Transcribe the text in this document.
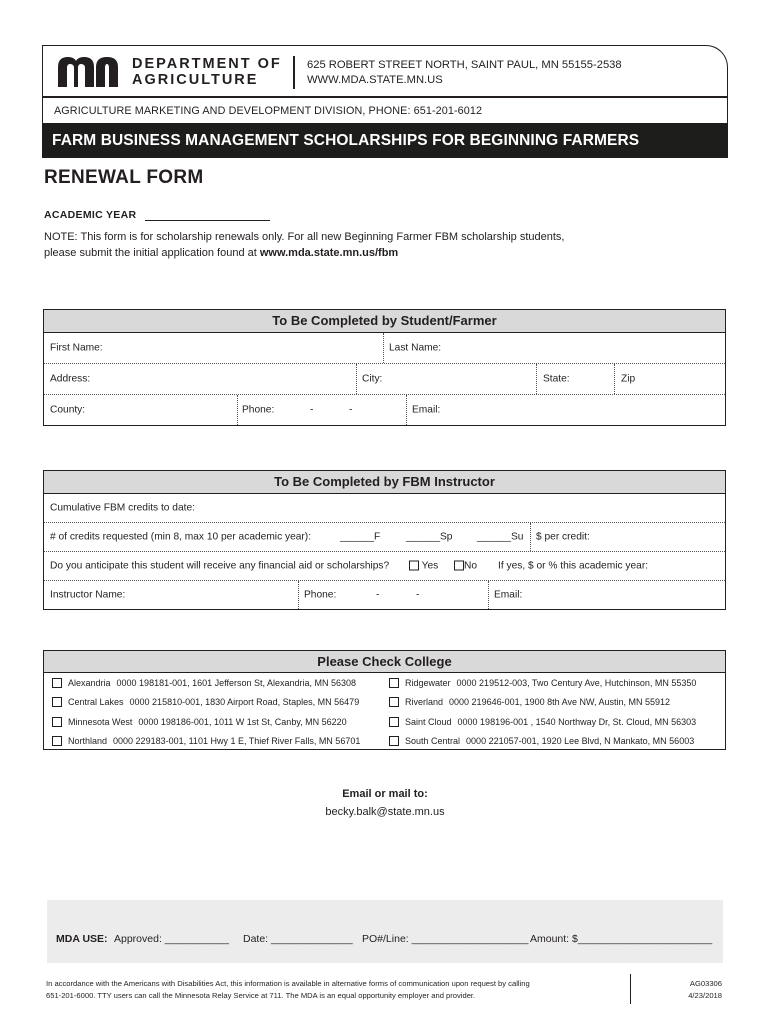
DEPARTMENT OF
AGRICULTURE
625 ROBERT STREET NORTH, SAINT PAUL, MN 55155-2538
WWW.MDA.STATE.MN.US
AGRICULTURE MARKETING AND DEVELOPMENT DIVISION, PHONE: 651-201-6012
FARM BUSINESS MANAGEMENT SCHOLARSHIPS FOR BEGINNING FARMERS
RENEWAL FORM
ACADEMIC YEAR
NOTE: This form is for scholarship renewals only. For all new Beginning Farmer FBM scholarship students,
please submit the initial application found at www.mda.state.mn.us/fbm
To Be Completed by Student/Farmer
First Name:	Last Name:
Address:	City:	State:	Zip
County:	Phone:	-	-	Email:
To Be Completed by FBM Instructor
Cumulative FBM credits to date:
# of credits requested (min 8, max 10 per academic year):	______F	______Sp ______Su $ per credit:
Do you anticipate this student will receive any financial aid or scholarships?	Yes	No If yes, $ or % this academic year:
Instructor Name:	Phone:	-	-	Email:
Please Check College
Alexandria 0000 198181-001, 1601 Jefferson St, Alexandria, MN 56308	Ridgewater 0000 219512-003, Two Century Ave, Hutchinson, MN 55350
Central Lakes 0000 215810-001, 1830 Airport Road, Staples, MN 56479	Riverland 0000 219646-001, 1900 8th Ave NW, Austin, MN 55912
Minnesota West 0000 198186-001, 1011 W 1st St, Canby, MN 56220	Saint Cloud 0000 198196-001 , 1540 Northway Dr, St. Cloud, MN 56303
Northland 0000 229183-001, 1101 Hwy 1 E, Thief River Falls, MN 56701	South Central 0000 221057-001, 1920 Lee Blvd, N Mankato, MN 56003
Email or mail to:
becky.balk@state.mn.us
MDA USE: Approved: ___________ Date: ______________ PO#/Line: ____________________ Amount: $_______________________
In accordance with the Americans with Disabilities Act, this information is available in alternative forms of communication upon request by calling
651-201-6000. TTY users can call the Minnesota Relay Service at 711. The MDA is an equal opportunity employer and provider.
AG03306
4/23/2018
